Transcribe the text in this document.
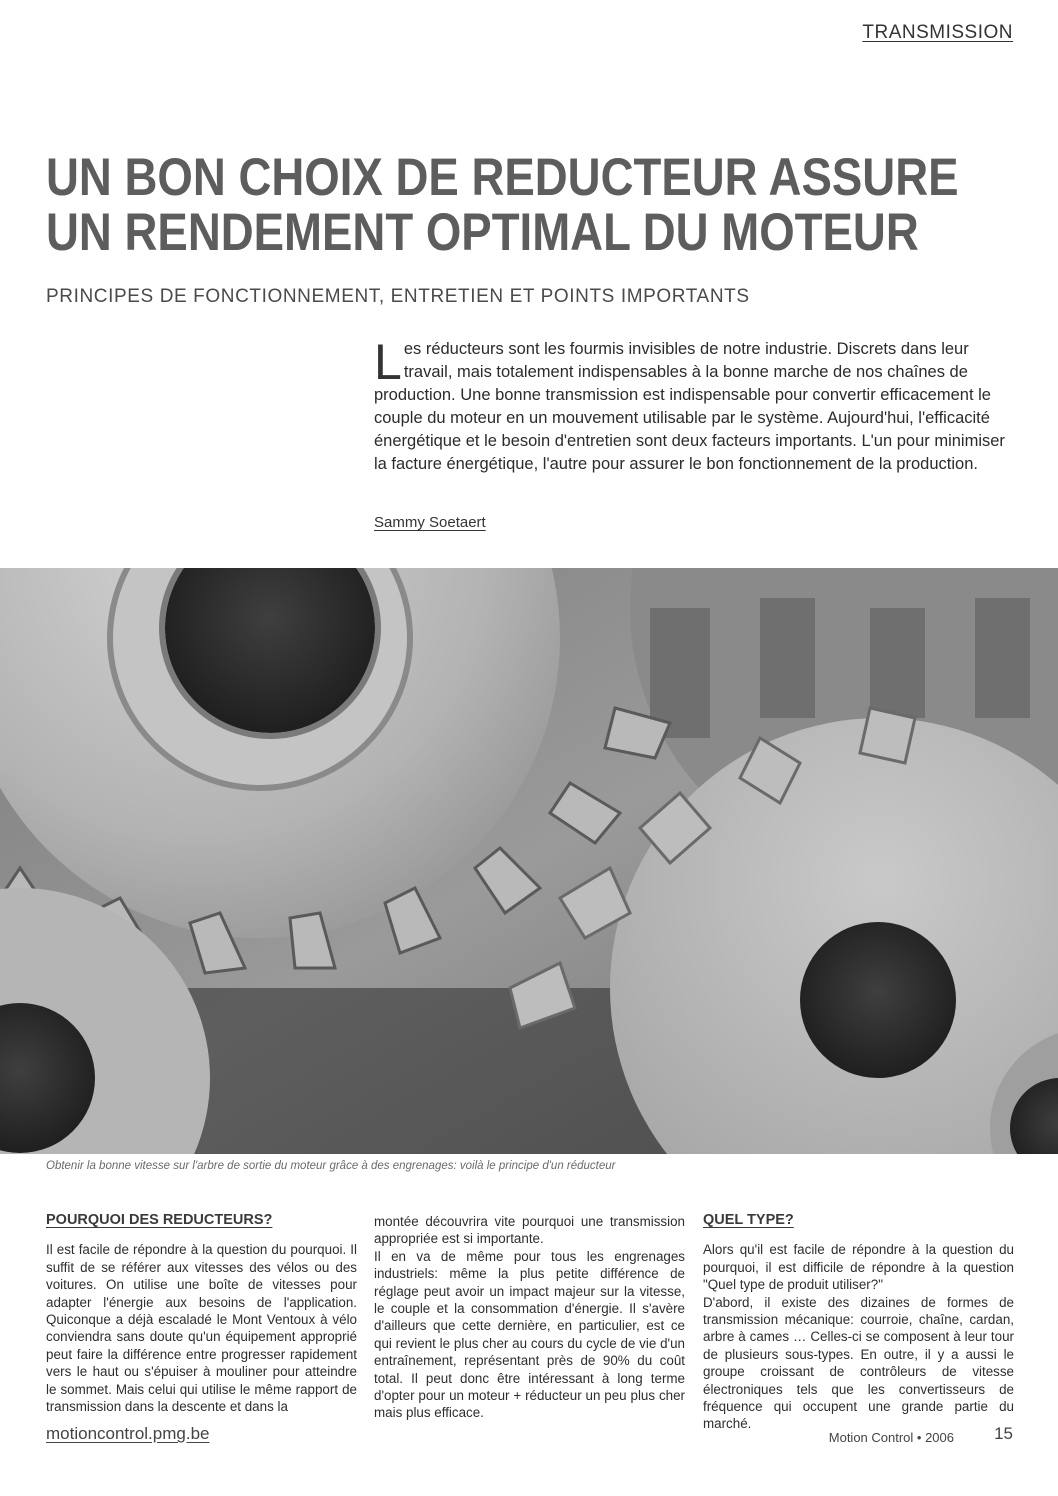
TRANSMISSION
UN BON CHOIX DE REDUCTEUR ASSURE UN RENDEMENT OPTIMAL DU MOTEUR
PRINCIPES DE FONCTIONNEMENT, ENTRETIEN ET POINTS IMPORTANTS
Les réducteurs sont les fourmis invisibles de notre industrie. Discrets dans leur travail, mais totalement indispensables à la bonne marche de nos chaînes de production. Une bonne transmission est indispensable pour convertir efficacement le couple du moteur en un mouvement utilisable par le système. Aujourd'hui, l'efficacité énergétique et le besoin d'entretien sont deux facteurs importants. L'un pour minimiser la facture énergétique, l'autre pour assurer le bon fonctionnement de la production.
Sammy Soetaert

Obtenir la bonne vitesse sur l'arbre de sortie du moteur grâce à des engrenages: voilà le principe d'un réducteur

POURQUOI DES REDUCTEURS?

Il est facile de répondre à la question du pourquoi. Il suffit de se référer aux vitesses des vélos ou des voitures. On utilise une boîte de vitesses pour adapter l'énergie aux besoins de l'application. Quiconque a déjà escaladé le Mont Ventoux à vélo conviendra sans doute qu'un équipement approprié peut faire la différence entre progresser rapidement vers le haut ou s'épuiser à mouliner pour atteindre le sommet. Mais celui qui utilise le même rapport de transmission dans la descente et dans la

montée découvrira vite pourquoi une transmission appropriée est si importante.

Il en va de même pour tous les engrenages industriels: même la plus petite différence de réglage peut avoir un impact majeur sur la vitesse, le couple et la consommation d'énergie. Il s'avère d'ailleurs que cette dernière, en particulier, est ce qui revient le plus cher au cours du cycle de vie d'un entraînement, représentant près de 90% du coût total. Il peut donc être intéressant à long terme d'opter pour un moteur + réducteur un peu plus cher mais plus efficace.

QUEL TYPE?

Alors qu'il est facile de répondre à la question du pourquoi, il est difficile de répondre à la question "Quel type de produit utiliser?"

D'abord, il existe des dizaines de formes de transmission mécanique: courroie, chaîne, cardan, arbre à cames … Celles-ci se composent à leur tour de plusieurs sous-types. En outre, il y a aussi le groupe croissant de contrôleurs de vitesse électroniques tels que les convertisseurs de fréquence qui occupent une grande partie du marché.

motioncontrol.pmg.be	Motion Control • 2006 15
